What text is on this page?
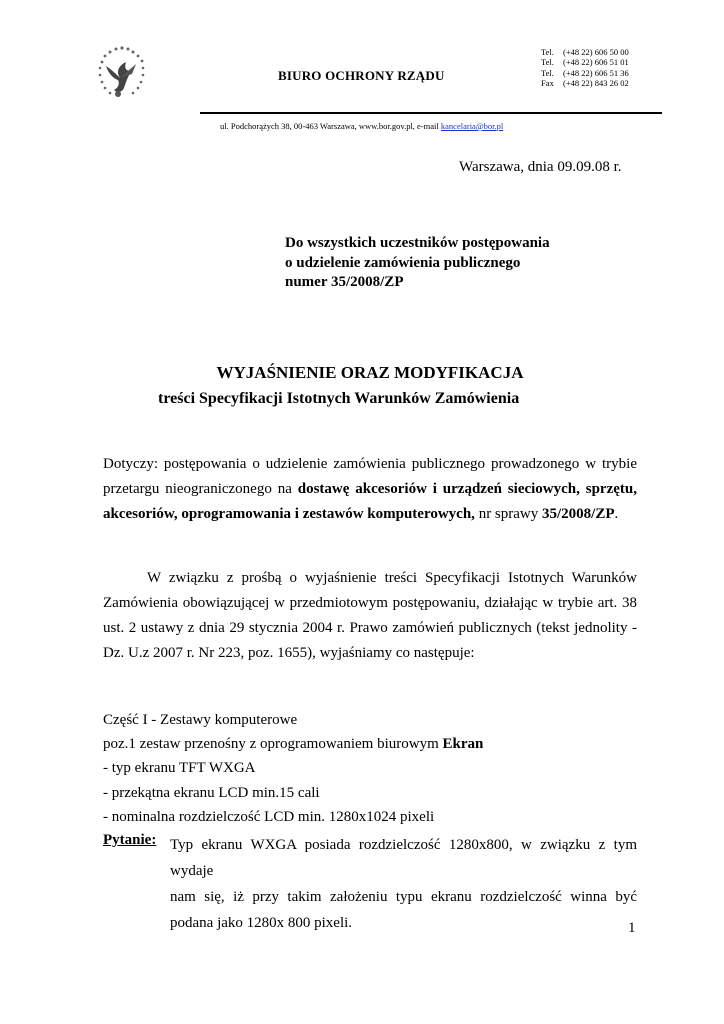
BIURO OCHRONY RZĄDU
Tel. (+48 22) 606 50 00
Tel. (+48 22) 606 51 01
Tel. (+48 22) 606 51 36
Fax (+48 22) 843 26 02
ul. Podchorążych 38, 00-463 Warszawa, www.bor.gov.pl, e-mail kancelaria@bor.pl
Warszawa, dnia 09.09.08 r.
Do wszystkich uczestników postępowania
o udzielenie zamówienia publicznego
numer 35/2008/ZP
WYJAŚNIENIE ORAZ MODYFIKACJA
treści Specyfikacji Istotnych Warunków Zamówienia
Dotyczy: postępowania o udzielenie zamówienia publicznego prowadzonego w trybie przetargu nieograniczonego na dostawę akcesoriów i urządzeń sieciowych, sprzętu, akcesoriów, oprogramowania i zestawów komputerowych, nr sprawy 35/2008/ZP.
W związku z prośbą o wyjaśnienie treści Specyfikacji Istotnych Warunków Zamówienia obowiązującej w przedmiotowym postępowaniu, działając w trybie art. 38 ust. 2 ustawy z dnia 29 stycznia 2004 r. Prawo zamówień publicznych (tekst jednolity - Dz. U.z 2007 r. Nr 223, poz. 1655), wyjaśniamy co następuje:
Część I - Zestawy komputerowe
poz.1 zestaw przenośny z oprogramowaniem biurowym Ekran
- typ ekranu TFT WXGA
- przekątna ekranu LCD min.15 cali
- nominalna rozdzielczość LCD min. 1280x1024 pixeli
Pytanie: Typ ekranu WXGA posiada rozdzielczość 1280x800, w związku z tym wydaje
nam się, iż przy takim założeniu typu ekranu rozdzielczość winna być podana jako 1280x 800 pixeli.	1
